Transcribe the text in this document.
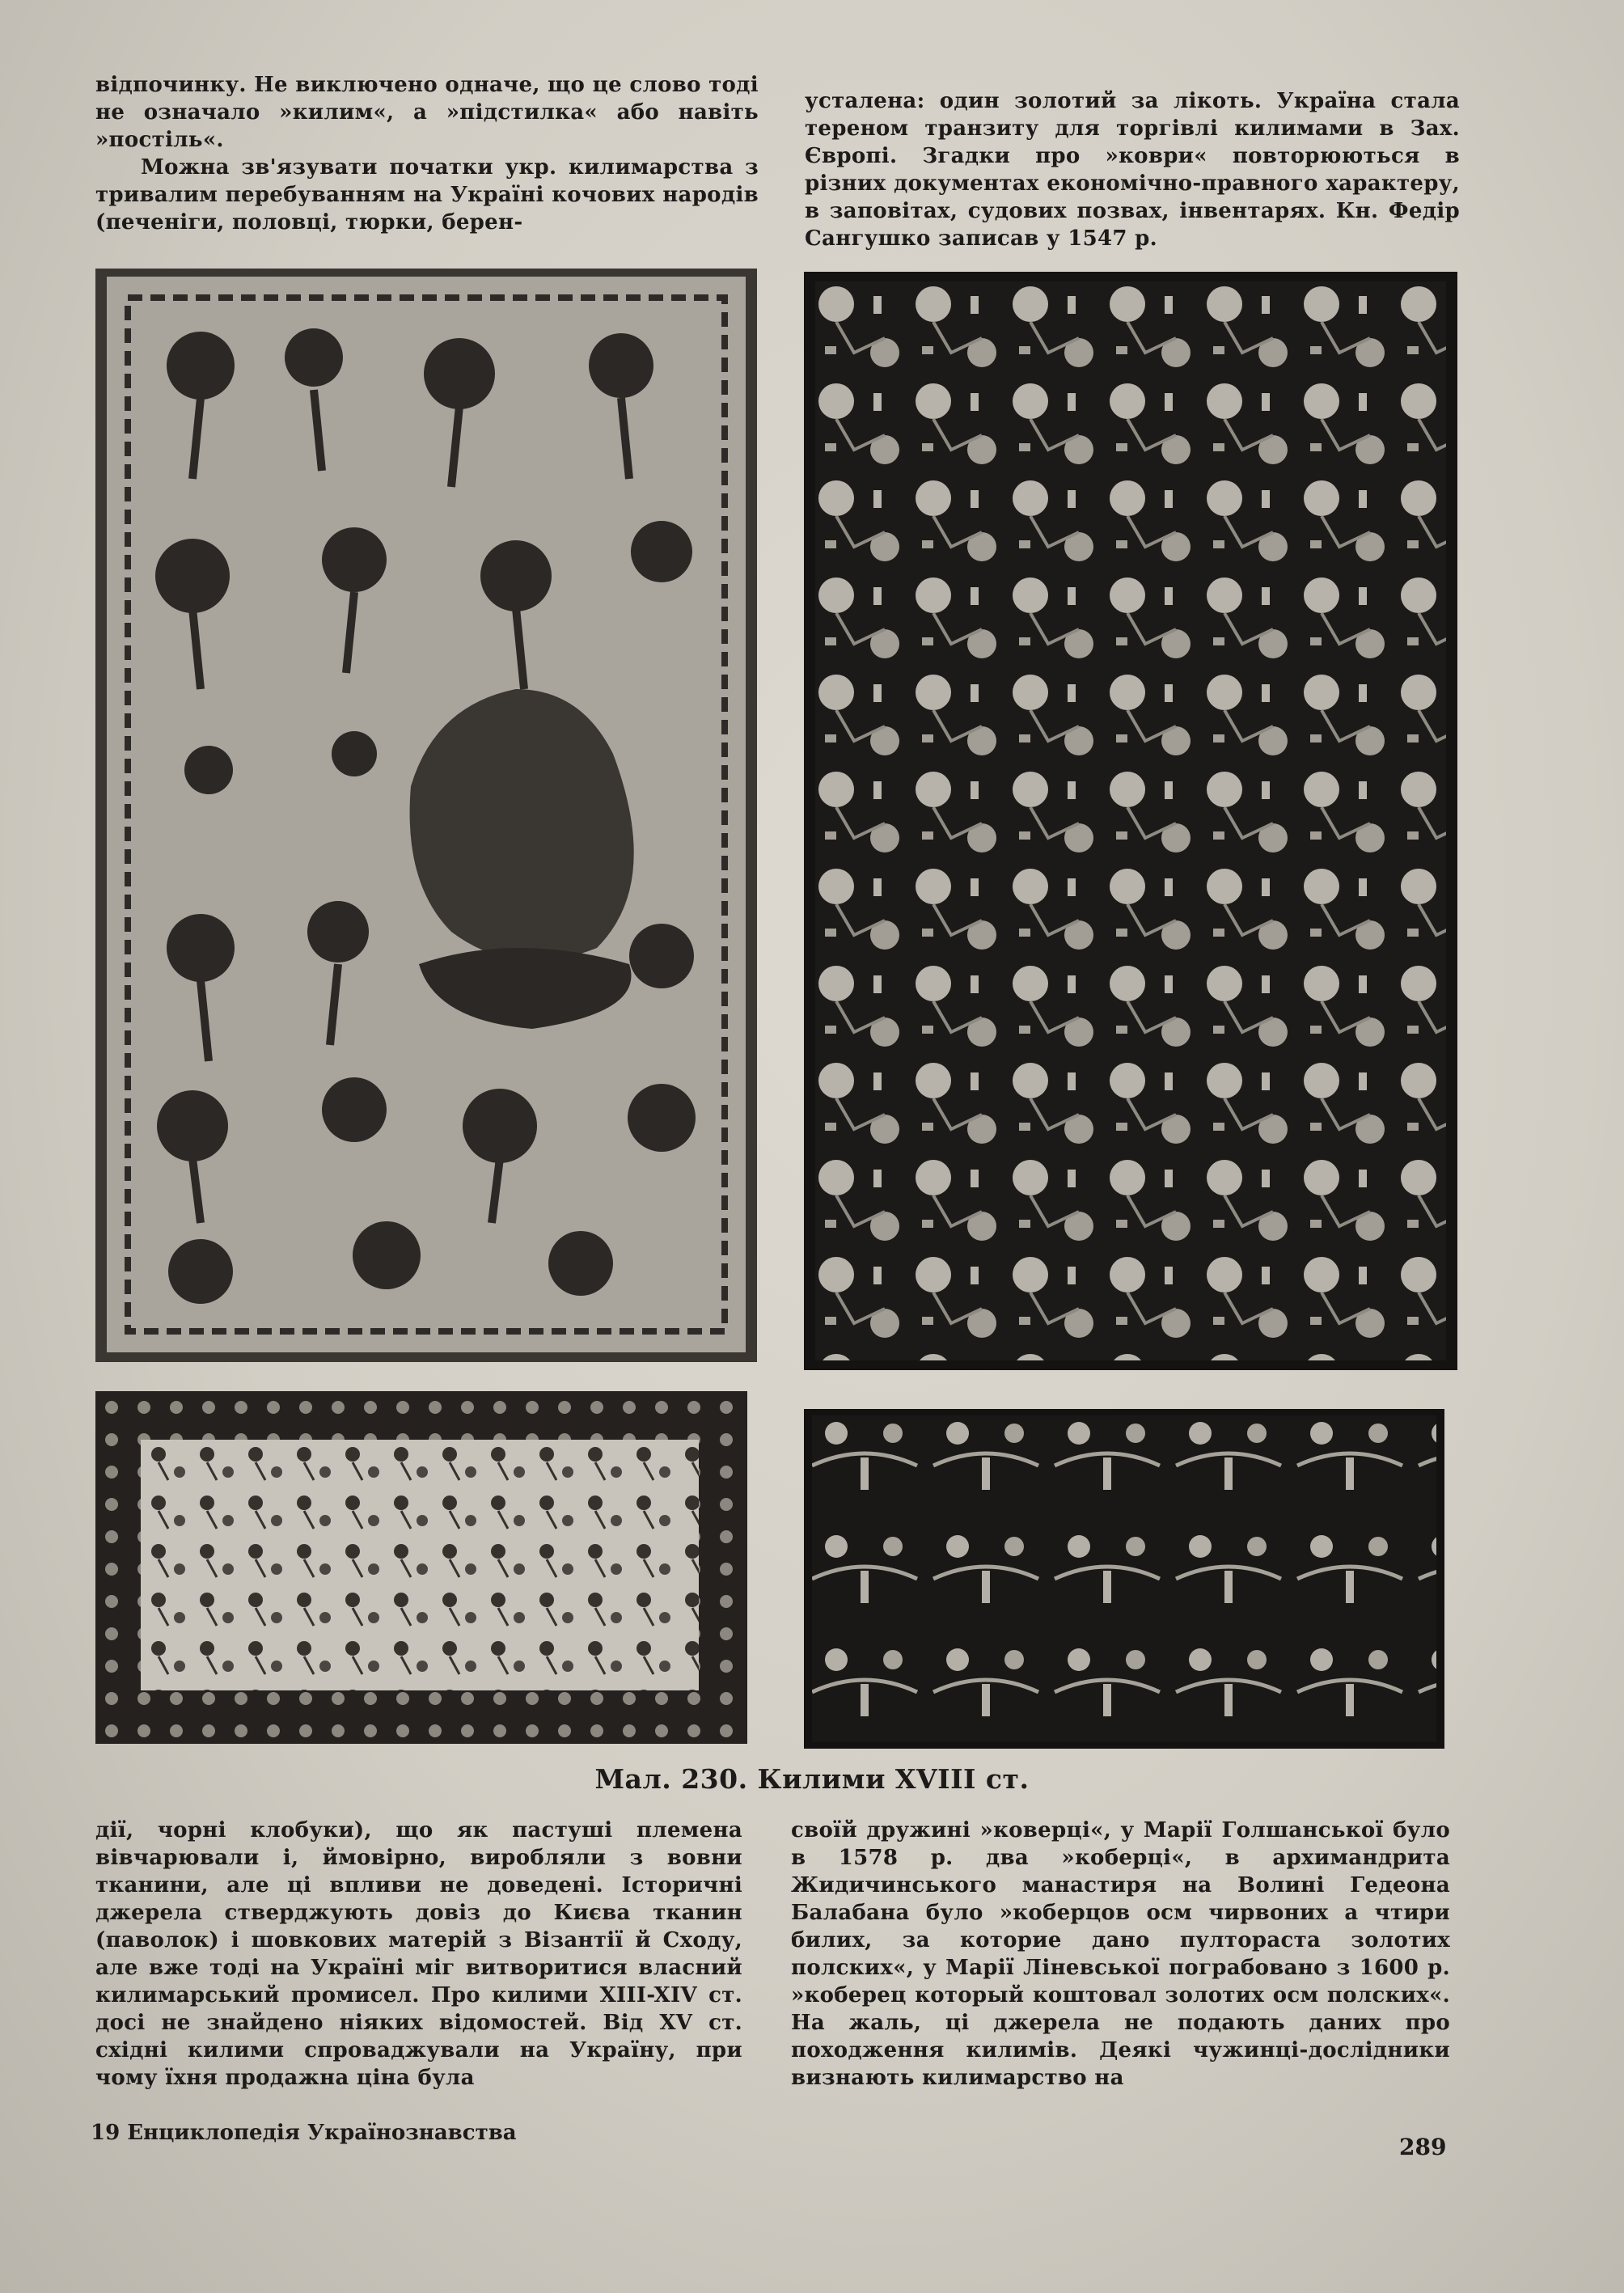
відпочинку. Не виключено одначе, що це слово тоді не означало »килим«, а »підстилка« або навіть »постіль«.

Можна зв'язувати початки укр. килимарства з тривалим перебуванням на Україні кочових народів (печеніги, половці, тюрки, берен-

усталена: один золотий за лікоть. Україна стала тереном транзиту для торгівлі килимами в Зах. Європі. Згадки про »коври« повторюються в різних документах економічно-правного характеру, в заповітах, судових позвах, інвентарях. Кн. Федір Сангушко записав у 1547 р.

Мал. 230. Килими XVIII ст.

дії, чорні клобуки), що як пастуші племена вівчарювали і, ймовірно, виробляли з вовни тканини, але ці впливи не доведені. Історичні джерела стверджують довіз до Києва тканин (паволок) і шовкових матерій з Візантії й Сходу, але вже тоді на Україні міг витворитися власний килимарський промисел. Про килими XIII-XIV ст. досі не знайдено ніяких відомостей. Від XV ст. східні килими спроваджували на Україну, при чому їхня продажна ціна була

своїй дружині »коверці«, у Марії Голшанської було в 1578 р. два »коберці«, в архимандрита Жидичинського манастиря на Волині Гедеона Балабана було »коберцов осм чирвоних а чтири билих, за которие дано пултораста золотих полских«, у Марії Ліневської пограбовано з 1600 р. »коберец который коштовал золотих осм полских«. На жаль, ці джерела не подають даних про походження килимів. Деякі чужинці-дослідники визнають килимарство на

19 Енциклопедія Українознавства
289
